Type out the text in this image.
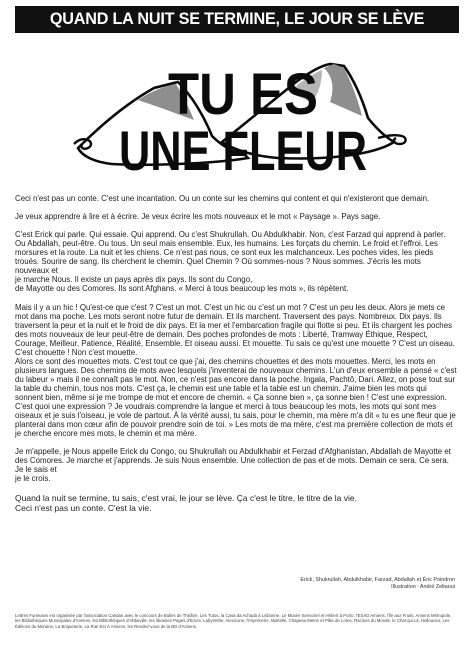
QUAND LA NUIT SE TERMINE, LE JOUR SE LÈVE
TU ES
UNE FLEUR

Ceci n'est pas un conte. C'est une incantation. Ou un conte sur les chemins qui content et qui n'existeront que demain.

Je veux apprendre à lire et à écrire. Je veux écrire les mots nouveaux et le mot « Paysage ». Pays sage.

C'est Erick qui parle. Qui essaie. Qui apprend. Ou c'est Shukrullah. Ou Abdulkhabir. Non, c'est Farzad qui apprend à parler. Ou Abdallah, peut-être. Ou tous. Un seul mais ensemble. Eux, les humains. Les forçats du chemin. Le froid et l'effroi. Les morsures et la route. La nuit et les chiens. Ce n'est pas nous, ce sont eux les malchanceux. Les poches vides, les pieds troués. Sourire de sang. Ils cherchent le chemin. Quel Chemin ? Où sommes-nous ? Nous sommes. J'écris les mots nouveaux et
je marche Nous. Il existe un pays après dix pays. Ils sont du Congo,
de Mayotte ou des Comores. Ils sont Afghans. « Merci à tous beaucoup les mots », ils répètent.

Mais il y a un hic ! Qu'est-ce que c'est ? C'est un mot. C'est un hic ou c'est un mot ? C'est un peu les deux. Alors je mets ce mot dans ma poche. Les mots seront notre futur de demain. Et ils marchent. Traversent des pays. Nombreux. Dix pays. Ils traversent la peur et la nuit et le froid de dix pays. Et la mer et l'embarcation fragile qui flotte si peu. Et ils chargent les poches des mots nouveaux de leur peut-être de demain. Des poches profondes de mots : Liberté, Tramway Éthique, Respect, Courage, Meilleur, Patience, Réalité, Ensemble. Et oiseau aussi. Et mouette. Tu sais ce qu'est une mouette ? C'est un oiseau. C'est chouette ! Non c'est mouette.
Alors ce sont des mouettes mots. C'est tout ce que j'ai, des chemins chouettes et des mots mouettes. Merci, les mots en plusieurs langues. Des chemins de mots avec lesquels j'inventerai de nouveaux chemins. L'un d'eux ensemble a pensé « c'est du labeur » mais il ne connaît pas le mot. Non, ce n'est pas encore dans la poche. Ingala, Pachtô, Dari. Allez, on pose tout sur la table du chemin, tous nos mots. C'est ça, le chemin est une table et la table est un chemin. J'aime bien les mots qui sonnent bien, même si je me trompe de mot et encore de chemin. « Ça sonne bien », ça sonne bien ! C'est une expression. C'est quoi une expression ? Je voudrais comprendre la langue et merci à tous beaucoup les mots, les mots qui sont mes oiseaux et je suis l'oiseau, je vole de partout. À la vérité aussi, tu sais, pour le chemin, ma mère m'a dit « tu es une fleur que je planterai dans mon cœur afin de pouvoir prendre soin de toi. » Les mots de ma mère, c'est ma première collection de mots et je cherche encore mes mots, le chemin et ma mère.

Je m'appelle, je Nous appelle Erick du Congo, ou Shukrullah ou Abdulkhabir et Ferzad d'Afghanistan, Abdallah de Mayotte et des Comores. Je marche et j'apprends. Je suis Nous ensemble. Une collection de pas et de mots. Demain ce sera. Ce sera. Je le sais et
je le crois.

Quand la nuit se termine, tu sais, c'est vrai, le jour se lève. Ça c'est le titre, le titre de la vie.

Ceci n'est pas un conte. C'est la vie.

Erick, Shukrullah, Abdulkhabir, Farzad, Abdallah et Éric Poindron
Illustration : André Zeltaoui
Lettres Furieuses est organisée par l'association Caridan avec le concours de Bulles de Théâtre, Les Tutos, la Casa da Achada à Lisbonne, Le Musée Sensoriel et Hébert à Porto, l'ESAD Amiens, l'Île aux Fruits, Amiens Métropole, les Bibliothèques Municipales d'Amiens, les Bibliothèques d'Abbeville, les librairies Pages d'Encre, Labyrinthe, Alexicone, l'Imprimerie, Martelle, Chapeau Melon et Pâte de Lores, Racines du Monde, le Chat qui Lit, Hellouoso, Les Éditions du Moraine, La Briqueterie, La Rue Est À Amiens, les Rendez-vous de la BD d'Amiens.
